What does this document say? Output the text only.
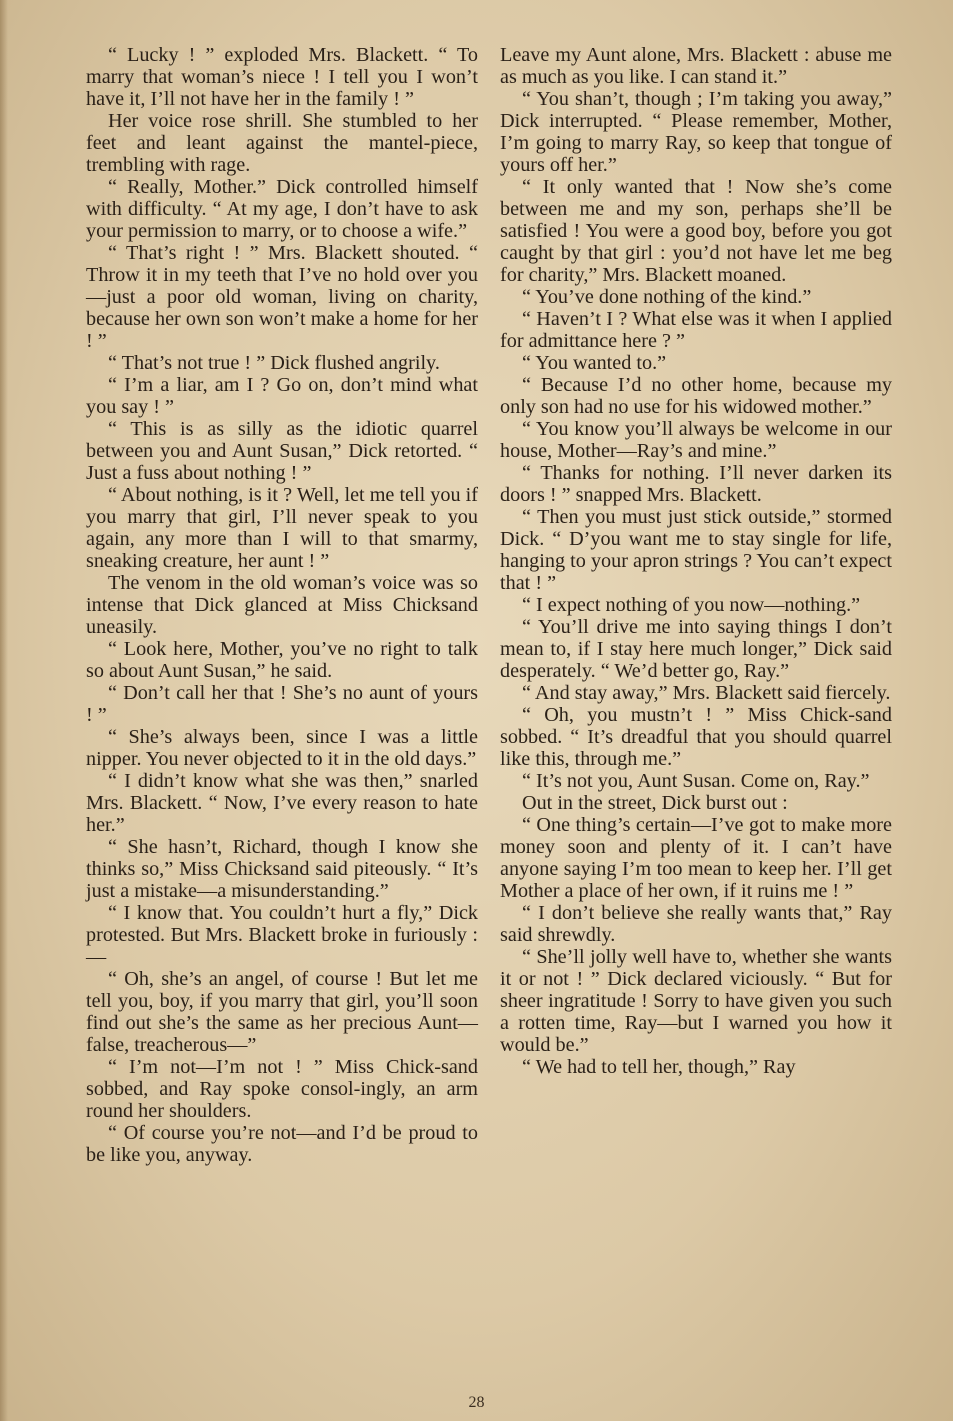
“ Lucky ! ” exploded Mrs. Blackett. “ To marry that woman’s niece ! I tell you I won’t have it, I’ll not have her in the family ! ”

Her voice rose shrill. She stumbled to her feet and leant against the mantel-piece, trembling with rage.

“ Really, Mother.” Dick controlled himself with difficulty. “ At my age, I don’t have to ask your permission to marry, or to choose a wife.”

“ That’s right ! ” Mrs. Blackett shouted. “ Throw it in my teeth that I’ve no hold over you—just a poor old woman, living on charity, because her own son won’t make a home for her ! ”

“ That’s not true ! ” Dick flushed angrily.

“ I’m a liar, am I ? Go on, don’t mind what you say ! ”

“ This is as silly as the idiotic quarrel between you and Aunt Susan,” Dick retorted. “ Just a fuss about nothing ! ”

“ About nothing, is it ? Well, let me tell you if you marry that girl, I’ll never speak to you again, any more than I will to that smarmy, sneaking creature, her aunt ! ”

The venom in the old woman’s voice was so intense that Dick glanced at Miss Chicksand uneasily.

“ Look here, Mother, you’ve no right to talk so about Aunt Susan,” he said.

“ Don’t call her that ! She’s no aunt of yours ! ”

“ She’s always been, since I was a little nipper. You never objected to it in the old days.”

“ I didn’t know what she was then,” snarled Mrs. Blackett. “ Now, I’ve every reason to hate her.”

“ She hasn’t, Richard, though I know she thinks so,” Miss Chicksand said piteously. “ It’s just a mistake—a misunderstanding.”

“ I know that. You couldn’t hurt a fly,” Dick protested. But Mrs. Blackett broke in furiously :—

“ Oh, she’s an angel, of course ! But let me tell you, boy, if you marry that girl, you’ll soon find out she’s the same as her precious Aunt—false, treacherous—”

“ I’m not—I’m not ! ” Miss Chick-sand sobbed, and Ray spoke consol-ingly, an arm round her shoulders.

“ Of course you’re not—and I’d be proud to be like you, anyway.

Leave my Aunt alone, Mrs. Blackett : abuse me as much as you like. I can stand it.”

“ You shan’t, though ; I’m taking you away,” Dick interrupted. “ Please remember, Mother, I’m going to marry Ray, so keep that tongue of yours off her.”

“ It only wanted that ! Now she’s come between me and my son, perhaps she’ll be satisfied ! You were a good boy, before you got caught by that girl : you’d not have let me beg for charity,” Mrs. Blackett moaned.

“ You’ve done nothing of the kind.”

“ Haven’t I ? What else was it when I applied for admittance here ? ”

“ You wanted to.”

“ Because I’d no other home, because my only son had no use for his widowed mother.”

“ You know you’ll always be welcome in our house, Mother—Ray’s and mine.”

“ Thanks for nothing. I’ll never darken its doors ! ” snapped Mrs. Blackett.

“ Then you must just stick outside,” stormed Dick. “ D’you want me to stay single for life, hanging to your apron strings ? You can’t expect that ! ”

“ I expect nothing of you now—nothing.”

“ You’ll drive me into saying things I don’t mean to, if I stay here much longer,” Dick said desperately. “ We’d better go, Ray.”

“ And stay away,” Mrs. Blackett said fiercely.

“ Oh, you mustn’t ! ” Miss Chick-sand sobbed. “ It’s dreadful that you should quarrel like this, through me.”

“ It’s not you, Aunt Susan. Come on, Ray.”

Out in the street, Dick burst out :

“ One thing’s certain—I’ve got to make more money soon and plenty of it. I can’t have anyone saying I’m too mean to keep her. I’ll get Mother a place of her own, if it ruins me ! ”

“ I don’t believe she really wants that,” Ray said shrewdly.

“ She’ll jolly well have to, whether she wants it or not ! ” Dick declared viciously. “ But for sheer ingratitude ! Sorry to have given you such a rotten time, Ray—but I warned you how it would be.”

“ We had to tell her, though,” Ray

28
